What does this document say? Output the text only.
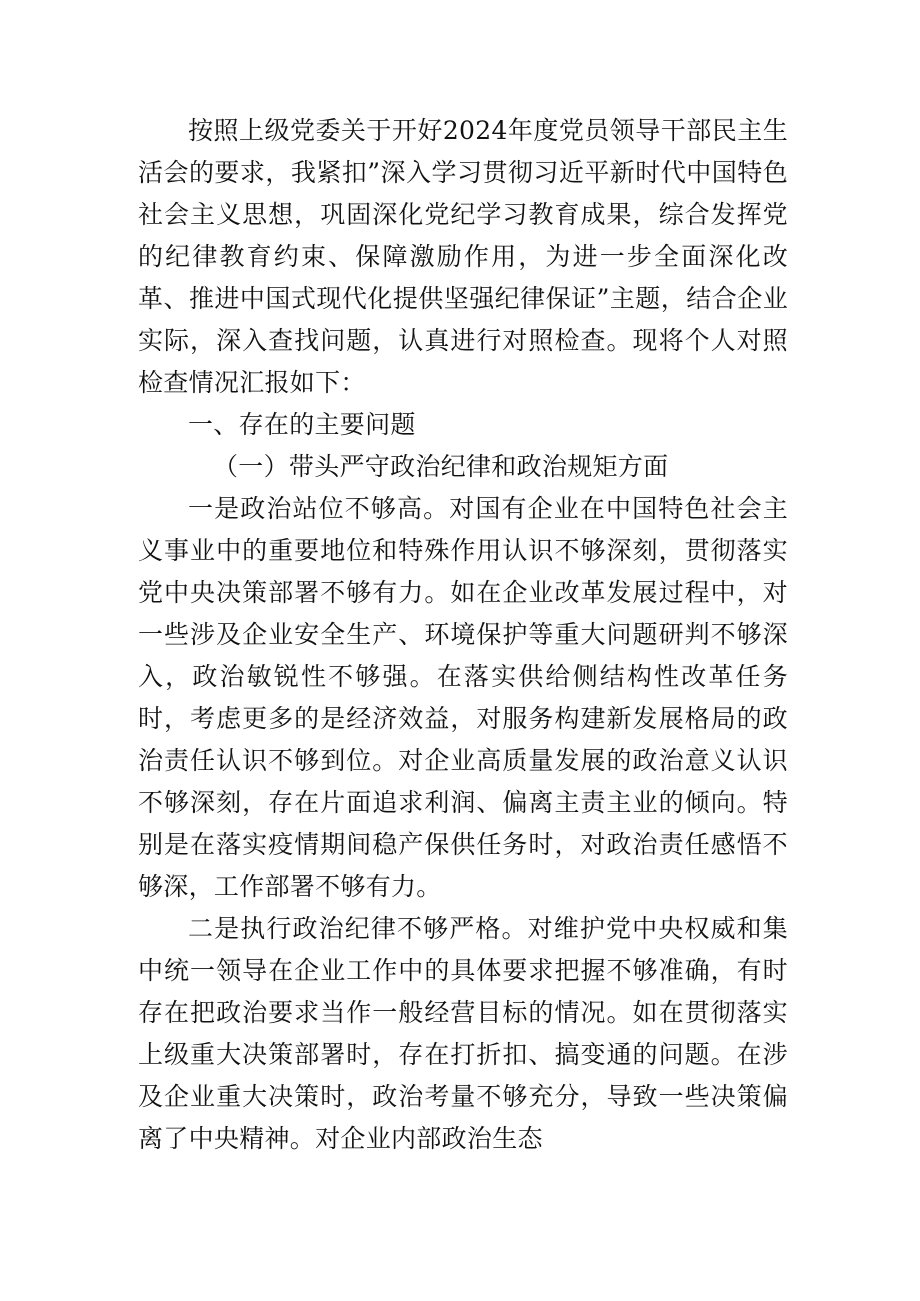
按照上级党委关于开好2024年度党员领导干部民主生活会的要求，我紧扣”深入学习贯彻习近平新时代中国特色社会主义思想，巩固深化党纪学习教育成果，综合发挥党的纪律教育约束、保障激励作用，为进一步全面深化改革、推进中国式现代化提供坚强纪律保证”主题，结合企业实际，深入查找问题，认真进行对照检查。现将个人对照检查情况汇报如下：

一、存在的主要问题

（一）带头严守政治纪律和政治规矩方面

一是政治站位不够高。对国有企业在中国特色社会主义事业中的重要地位和特殊作用认识不够深刻，贯彻落实党中央决策部署不够有力。如在企业改革发展过程中，对一些涉及企业安全生产、环境保护等重大问题研判不够深入，政治敏锐性不够强。在落实供给侧结构性改革任务时，考虑更多的是经济效益，对服务构建新发展格局的政治责任认识不够到位。对企业高质量发展的政治意义认识不够深刻，存在片面追求利润、偏离主责主业的倾向。特别是在落实疫情期间稳产保供任务时，对政治责任感悟不够深，工作部署不够有力。

二是执行政治纪律不够严格。对维护党中央权威和集中统一领导在企业工作中的具体要求把握不够准确，有时存在把政治要求当作一般经营目标的情况。如在贯彻落实上级重大决策部署时，存在打折扣、搞变通的问题。在涉及企业重大决策时，政治考量不够充分，导致一些决策偏离了中央精神。对企业内部政治生态
